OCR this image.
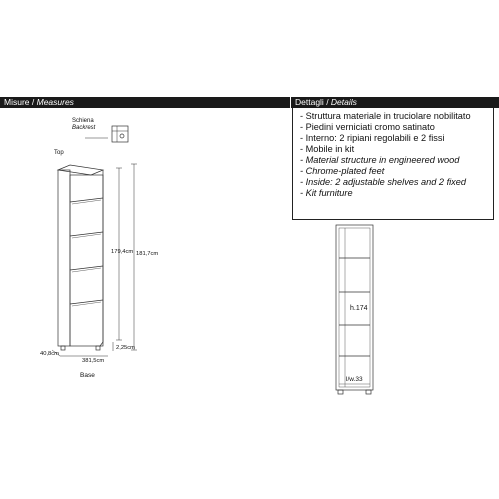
Misure / Measures	Dettagli / Details
- Struttura materiale in truciolare nobilitato
- Piedini verniciati cromo satinato
- Interno: 2 ripiani regolabili e 2 fissi
- Mobile in kit
- Material structure in engineered wood
- Chrome-plated feet
- Inside: 2 adjustable shelves and 2 fixed
- Kit furniture
Schiena
Backrest
Top
179,4cm 181,7cm
2,25cm
40,8cm
381,5cm
Base
h.174
l/w.33
